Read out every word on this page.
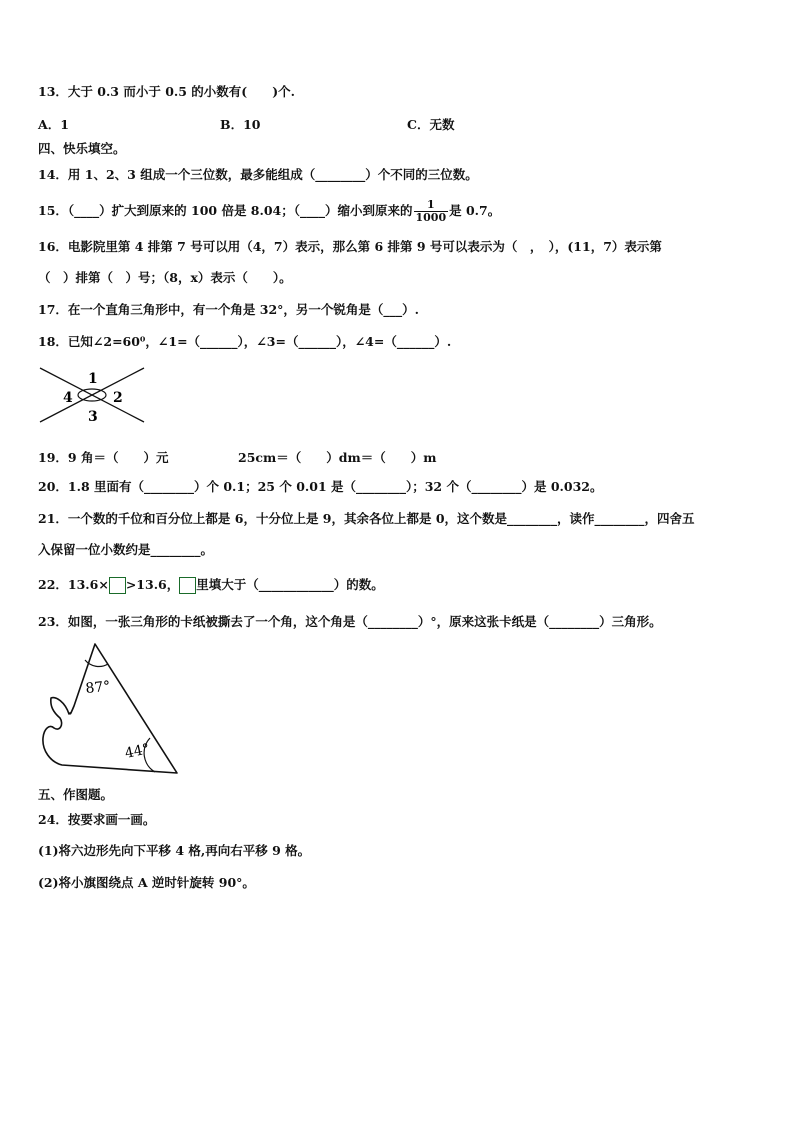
13．大于 0.3 而小于 0.5 的小数有(　　)个.
A．1	B．10	C．无数
四、快乐填空。
14．用 1、2、3 组成一个三位数，最多能组成（________）个不同的三位数。
15．（____）扩大到原来的 100 倍是 8.04；（____）缩小到原来的 $\frac{1}{1000}$ 是 0.7。
16．电影院里第 4 排第 7 号可以用（4，7）表示，那么第 6 排第 9 号可以表示为（　，　），(11，7）表示第
（　）排第（　）号；（8，x）表示（　　）。
17．在一个直角三角形中，有一个角是 32°，另一个锐角是（___）.
18．已知∠2=60⁰，∠1=（______），∠3=（______），∠4=（______）.
1
2
3
4
19．9 角＝（　　）元	25cm＝（　　）dm＝（　　）m
20．1.8 里面有（________）个 0.1；25 个 0.01 是（________）；32 个（________）是 0.032。
21．一个数的千位和百分位上都是 6，十分位上是 9，其余各位上都是 0，这个数是________，读作________，四舍五
入保留一位小数约是________。
22．13.6× >13.6， 里填大于（____________）的数。
23．如图，一张三角形的卡纸被撕去了一个角，这个角是（________）°，原来这张卡纸是（________）三角形。
87°
44°
五、作图题。
24．按要求画一画。
(1)将六边形先向下平移 4 格,再向右平移 9 格。
(2)将小旗图绕点 A 逆时针旋转 90°。
